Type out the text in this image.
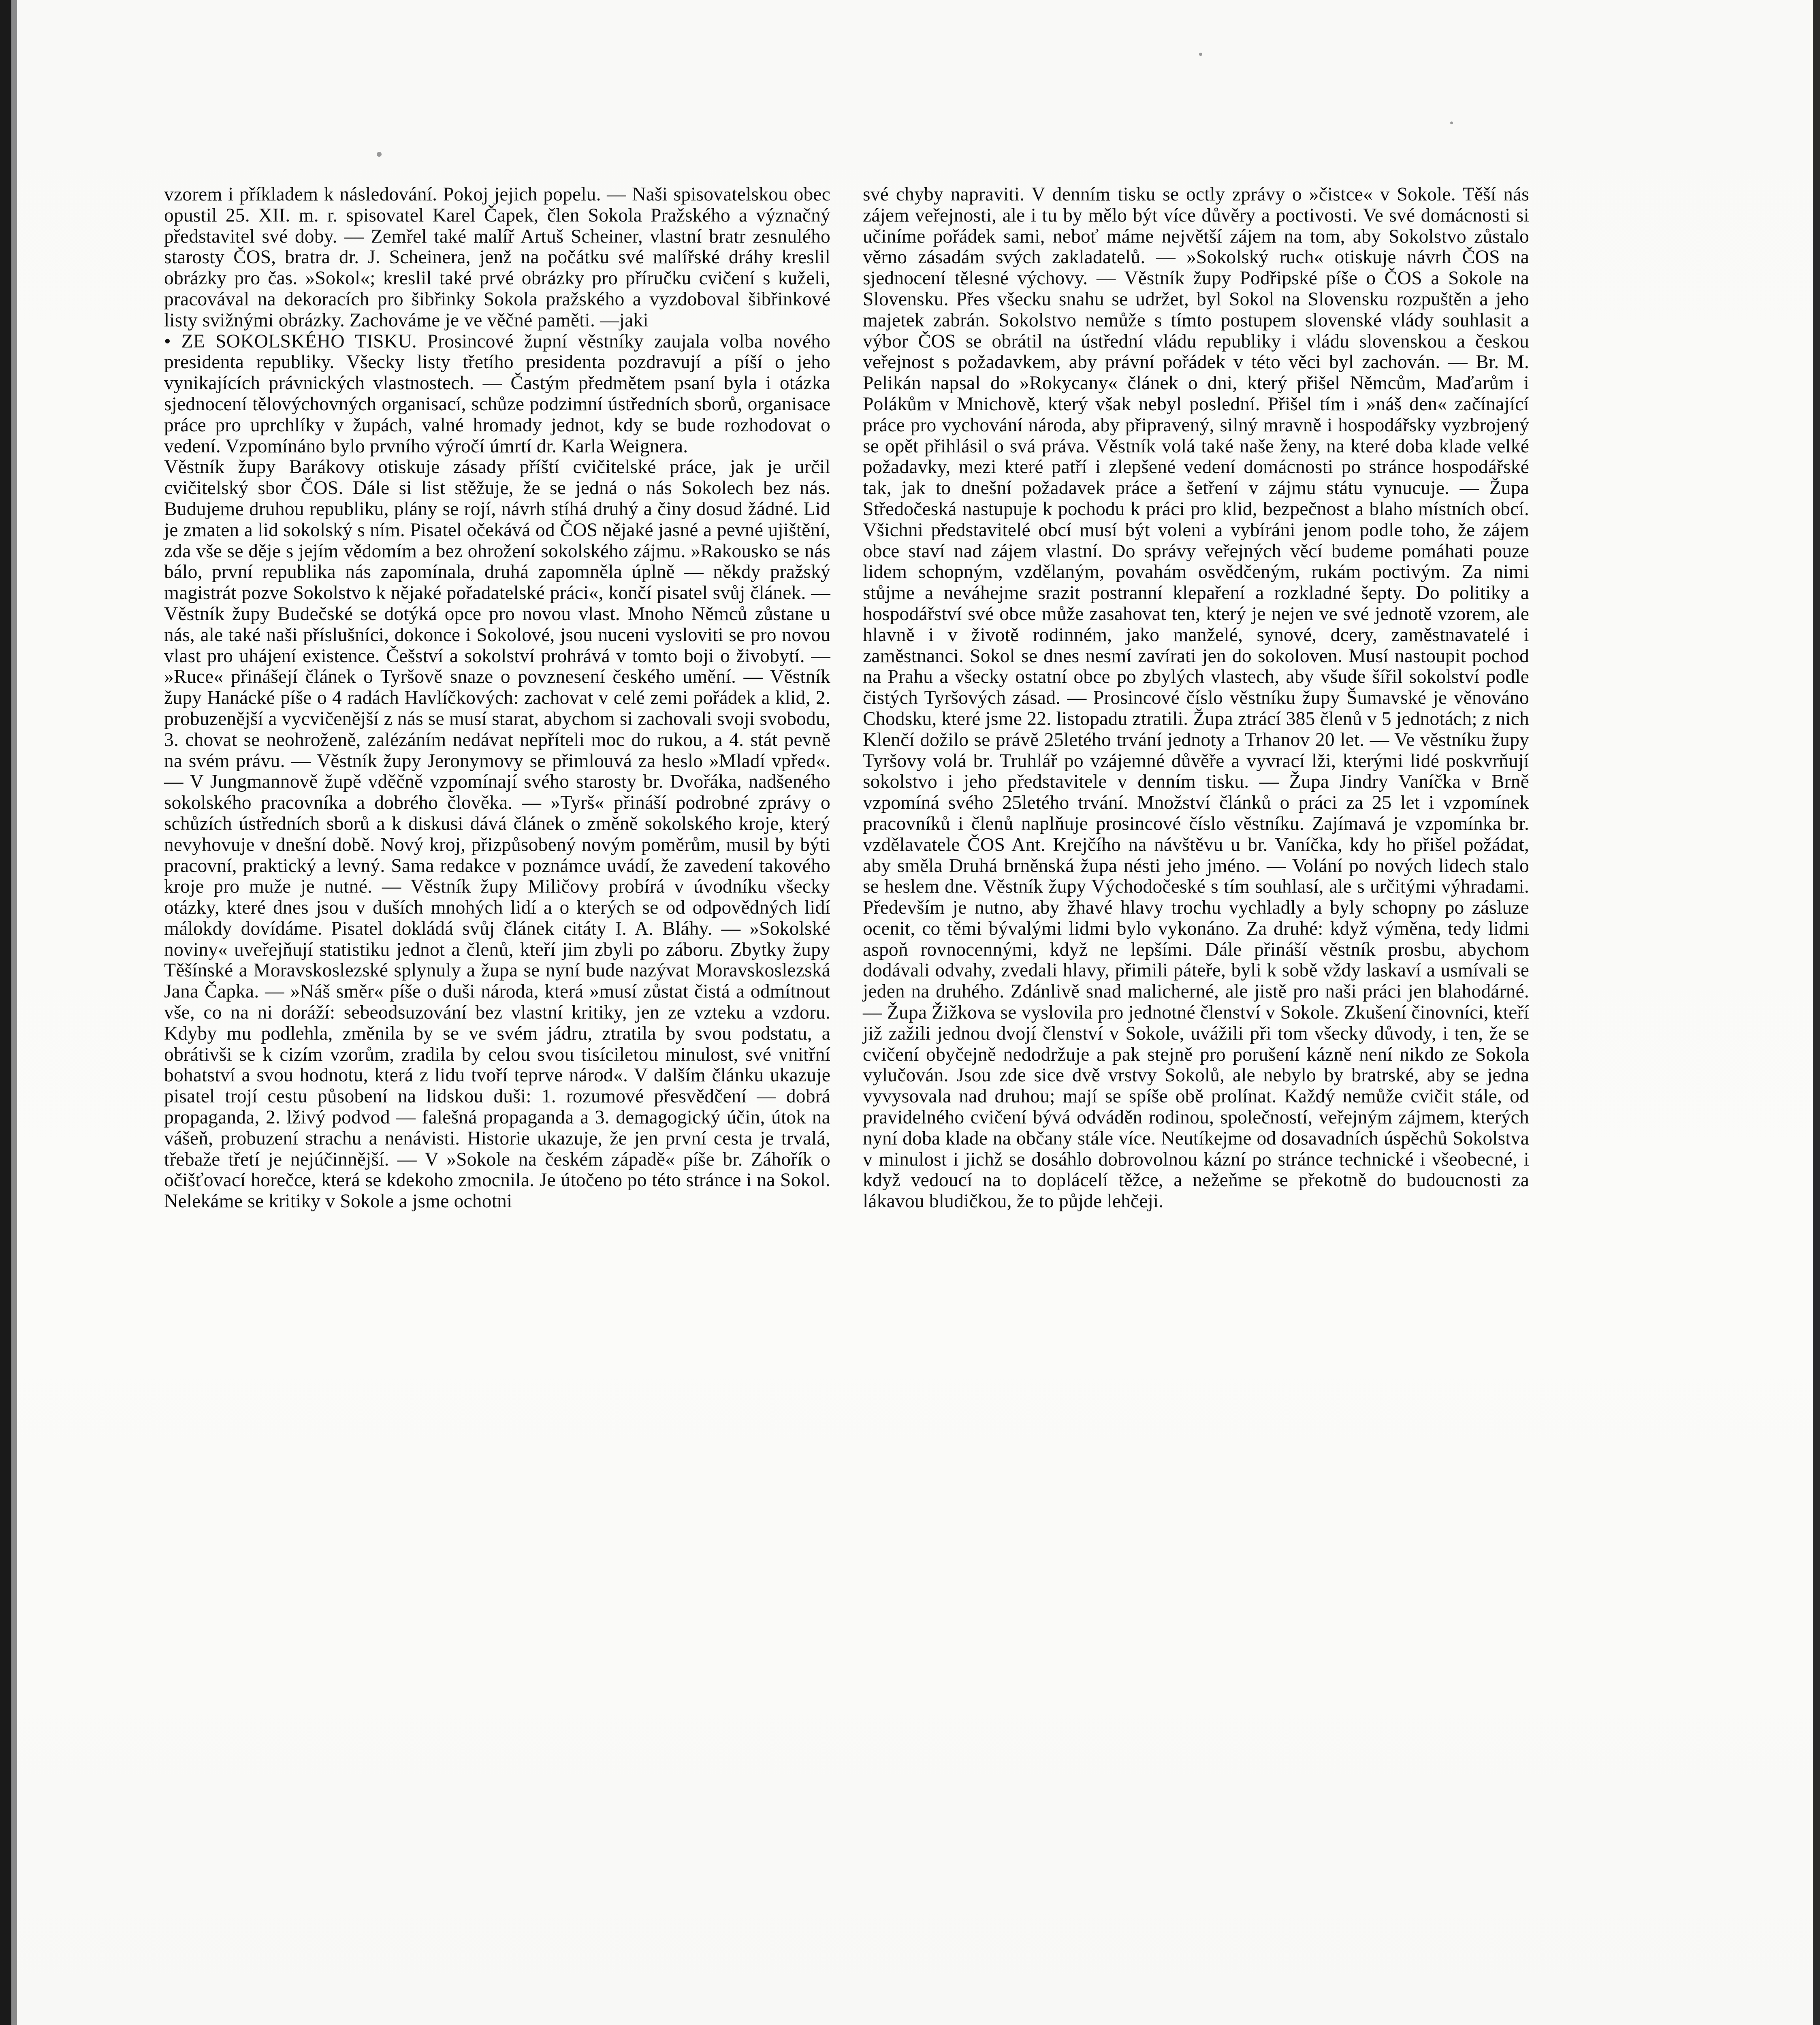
vzorem i příkladem k následování. Pokoj jejich popelu. — Naši spisovatelskou obec opustil 25. XII. m. r. spisovatel Karel Čapek, člen Sokola Pražského a význačný představitel své doby. — Zemřel také malíř Artuš Scheiner, vlastní bratr zesnulého starosty ČOS, bratra dr. J. Scheinera, jenž na počátku své malířské dráhy kreslil obrázky pro čas. »Sokol«; kreslil také prvé obrázky pro příručku cvičení s kuželi, pracovával na dekoracích pro šibřinky Sokola pražského a vyzdoboval šibřinkové listy svižnými obrázky. Zachováme je ve věčné paměti. —jaki

• ZE SOKOLSKÉHO TISKU. Prosincové župní věstníky zaujala volba nového presidenta republiky. Všecky listy třetího presidenta pozdravují a píší o jeho vynikajících právnických vlastnostech. — Častým předmětem psaní byla i otázka sjednocení tělovýchovných organisací, schůze podzimní ústředních sborů, organisace práce pro uprchlíky v župách, valné hromady jednot, kdy se bude rozhodovat o vedení. Vzpomínáno bylo prvního výročí úmrtí dr. Karla Weignera.

Věstník župy Barákovy otiskuje zásady příští cvičitelské práce, jak je určil cvičitelský sbor ČOS. Dále si list stěžuje, že se jedná o nás Sokolech bez nás. Budujeme druhou republiku, plány se rojí, návrh stíhá druhý a činy dosud žádné. Lid je zmaten a lid sokolský s ním. Pisatel očekává od ČOS nějaké jasné a pevné ujištění, zda vše se děje s jejím vědomím a bez ohrožení sokolského zájmu. »Rakousko se nás bálo, první republika nás zapomínala, druhá zapomněla úplně — někdy pražský magistrát pozve Sokolstvo k nějaké pořadatelské práci«, končí pisatel svůj článek. — Věstník župy Budečské se dotýká opce pro novou vlast. Mnoho Němců zůstane u nás, ale také naši příslušníci, dokonce i Sokolové, jsou nuceni vysloviti se pro novou vlast pro uhájení existence. Češství a sokolství prohrává v tomto boji o živobytí. — »Ruce« přinášejí článek o Tyršově snaze o povznesení českého umění. — Věstník župy Hanácké píše o 4 radách Havlíčkových: zachovat v celé zemi pořádek a klid, 2. probuzenější a vycvičenější z nás se musí starat, abychom si zachovali svoji svobodu, 3. chovat se neohroženě, zalézáním nedávat nepříteli moc do rukou, a 4. stát pevně na svém právu. — Věstník župy Jeronymovy se přimlouvá za heslo »Mladí vpřed«. — V Jungmannově župě vděčně vzpomínají svého starosty br. Dvořáka, nadšeného sokolského pracovníka a dobrého člověka. — »Tyrš« přináší podrobné zprávy o schůzích ústředních sborů a k diskusi dává článek o změně sokolského kroje, který nevyhovuje v dnešní době. Nový kroj, přizpůsobený novým poměrům, musil by býti pracovní, praktický a levný. Sama redakce v poznámce uvádí, že zavedení takového kroje pro muže je nutné. — Věstník župy Miličovy probírá v úvodníku všecky otázky, které dnes jsou v duších mnohých lidí a o kterých se od odpovědných lidí málokdy dovídáme. Pisatel dokládá svůj článek citáty I. A. Bláhy. — »Sokolské noviny« uveřejňují statistiku jednot a členů, kteří jim zbyli po záboru. Zbytky župy Těšínské a Moravskoslezské splynuly a župa se nyní bude nazývat Moravskoslezská Jana Čapka. — »Náš směr« píše o duši národa, která »musí zůstat čistá a odmítnout vše, co na ni doráží: sebeodsuzování bez vlastní kritiky, jen ze vzteku a vzdoru. Kdyby mu podlehla, změnila by se ve svém jádru, ztratila by svou podstatu, a obrátivši se k cizím vzorům, zradila by celou svou tisíciletou minulost, své vnitřní bohatství a svou hodnotu, která z lidu tvoří teprve národ«. V dalším článku ukazuje pisatel trojí cestu působení na lidskou duši: 1. rozumové přesvědčení — dobrá propaganda, 2. lživý podvod — falešná propaganda a 3. demagogický účin, útok na vášeň, probuzení strachu a nenávisti. Historie ukazuje, že jen první cesta je trvalá, třebaže třetí je nejúčinnější. — V »Sokole na českém západě« píše br. Záhořík o očišťovací horečce, která se kdekoho zmocnila. Je útočeno po této stránce i na Sokol. Nelekáme se kritiky v Sokole a jsme ochotni

své chyby napraviti. V denním tisku se octly zprávy o »čistce« v Sokole. Těší nás zájem veřejnosti, ale i tu by mělo být více důvěry a poctivosti. Ve své domácnosti si učiníme pořádek sami, neboť máme největší zájem na tom, aby Sokolstvo zůstalo věrno zásadám svých zakladatelů. — »Sokolský ruch« otiskuje návrh ČOS na sjednocení tělesné výchovy. — Věstník župy Podřipské píše o ČOS a Sokole na Slovensku. Přes všecku snahu se udržet, byl Sokol na Slovensku rozpuštěn a jeho majetek zabrán. Sokolstvo nemůže s tímto postupem slovenské vlády souhlasit a výbor ČOS se obrátil na ústřední vládu republiky i vládu slovenskou a českou veřejnost s požadavkem, aby právní pořádek v této věci byl zachován. — Br. M. Pelikán napsal do »Rokycany« článek o dni, který přišel Němcům, Maďarům i Polákům v Mnichově, který však nebyl poslední. Přišel tím i »náš den« začínající práce pro vychování národa, aby připravený, silný mravně i hospodářsky vyzbrojený se opět přihlásil o svá práva. Věstník volá také naše ženy, na které doba klade velké požadavky, mezi které patří i zlepšené vedení domácnosti po stránce hospodářské tak, jak to dnešní požadavek práce a šetření v zájmu státu vynucuje. — Župa Středočeská nastupuje k pochodu k práci pro klid, bezpečnost a blaho místních obcí. Všichni představitelé obcí musí být voleni a vybíráni jenom podle toho, že zájem obce staví nad zájem vlastní. Do správy veřejných věcí budeme pomáhati pouze lidem schopným, vzdělaným, povahám osvědčeným, rukám poctivým. Za nimi stůjme a neváhejme srazit postranní klepaření a rozkladné šepty. Do politiky a hospodářství své obce může zasahovat ten, který je nejen ve své jednotě vzorem, ale hlavně i v životě rodinném, jako manželé, synové, dcery, zaměstnavatelé i zaměstnanci. Sokol se dnes nesmí zavírati jen do sokoloven. Musí nastoupit pochod na Prahu a všecky ostatní obce po zbylých vlastech, aby všude šířil sokolství podle čistých Tyršových zásad. — Prosincové číslo věstníku župy Šumavské je věnováno Chodsku, které jsme 22. listopadu ztratili. Župa ztrácí 385 členů v 5 jednotách; z nich Klenčí dožilo se právě 25letého trvání jednoty a Trhanov 20 let. — Ve věstníku župy Tyršovy volá br. Truhlář po vzájemné důvěře a vyvrací lži, kterými lidé poskvrňují sokolstvo i jeho představitele v denním tisku. — Župa Jindry Vaníčka v Brně vzpomíná svého 25letého trvání. Množství článků o práci za 25 let i vzpomínek pracovníků i členů naplňuje prosincové číslo věstníku. Zajímavá je vzpomínka br. vzdělavatele ČOS Ant. Krejčího na návštěvu u br. Vaníčka, kdy ho přišel požádat, aby směla Druhá brněnská župa nésti jeho jméno. — Volání po nových lidech stalo se heslem dne. Věstník župy Východočeské s tím souhlasí, ale s určitými výhradami. Především je nutno, aby žhavé hlavy trochu vychladly a byly schopny po zásluze ocenit, co těmi bývalými lidmi bylo vykonáno. Za druhé: když výměna, tedy lidmi aspoň rovnocennými, když ne lepšími. Dále přináší věstník prosbu, abychom dodávali odvahy, zvedali hlavy, přimili páteře, byli k sobě vždy laskaví a usmívali se jeden na druhého. Zdánlivě snad malicherné, ale jistě pro naši práci jen blahodárné. — Župa Žižkova se vyslovila pro jednotné členství v Sokole. Zkušení činovníci, kteří již zažili jednou dvojí členství v Sokole, uvážili při tom všecky důvody, i ten, že se cvičení obyčejně nedodržuje a pak stejně pro porušení kázně není nikdo ze Sokola vylučován. Jsou zde sice dvě vrstvy Sokolů, ale nebylo by bratrské, aby se jedna vyvysovala nad druhou; mají se spíše obě prolínat. Každý nemůže cvičit stále, od pravidelného cvičení bývá odváděn rodinou, společností, veřejným zájmem, kterých nyní doba klade na občany stále více. Neutíkejme od dosavadních úspěchů Sokolstva v minulost i jichž se dosáhlo dobrovolnou kázní po stránce technické i všeobecné, i když vedoucí na to doplácelí těžce, a nežeňme se překotně do budoucnosti za lákavou bludičkou, že to půjde lehčeji.
